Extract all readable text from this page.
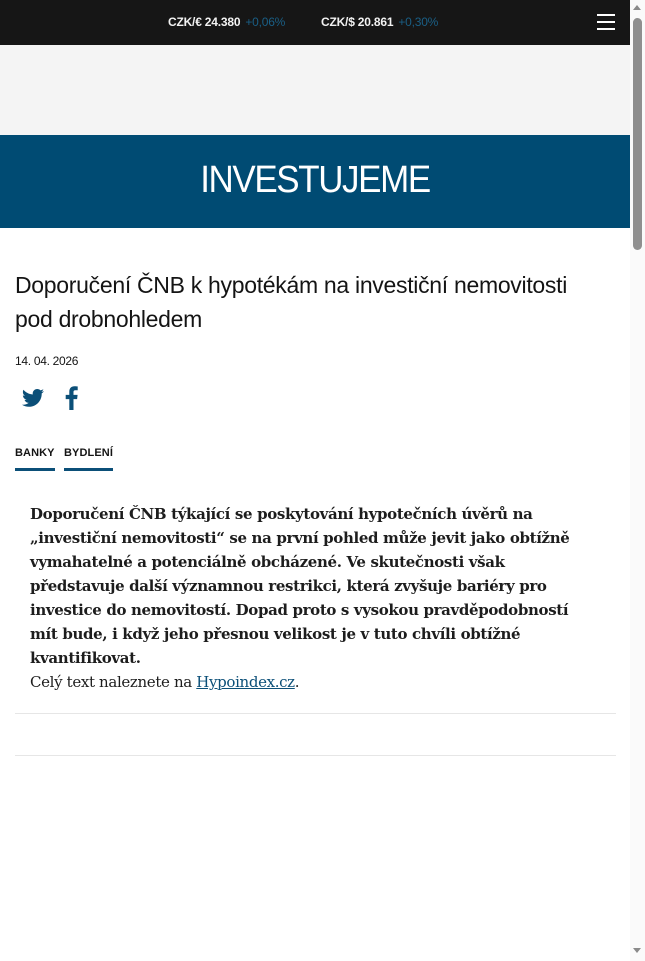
CZK/€ 24.380 +0,06%	CZK/$ 20.861 +0,30%
INVESTUJEME
Doporučení ČNB k hypotékám na investiční nemovitosti pod drobnohledem
14. 04. 2026
BANKY BYDLENÍ

Doporučení ČNB týkající se poskytování hypotečních úvěrů na „investiční nemovitosti“ se na první pohled může jevit jako obtížně vymahatelné a potenciálně obcházené. Ve skutečnosti však představuje další významnou restrikci, která zvyšuje bariéry pro investice do nemovitostí. Dopad proto s vysokou pravděpodobností mít bude, i když jeho přesnou velikost je v tuto chvíli obtížné kvantifikovat.

Celý text naleznete na Hypoindex.cz.
